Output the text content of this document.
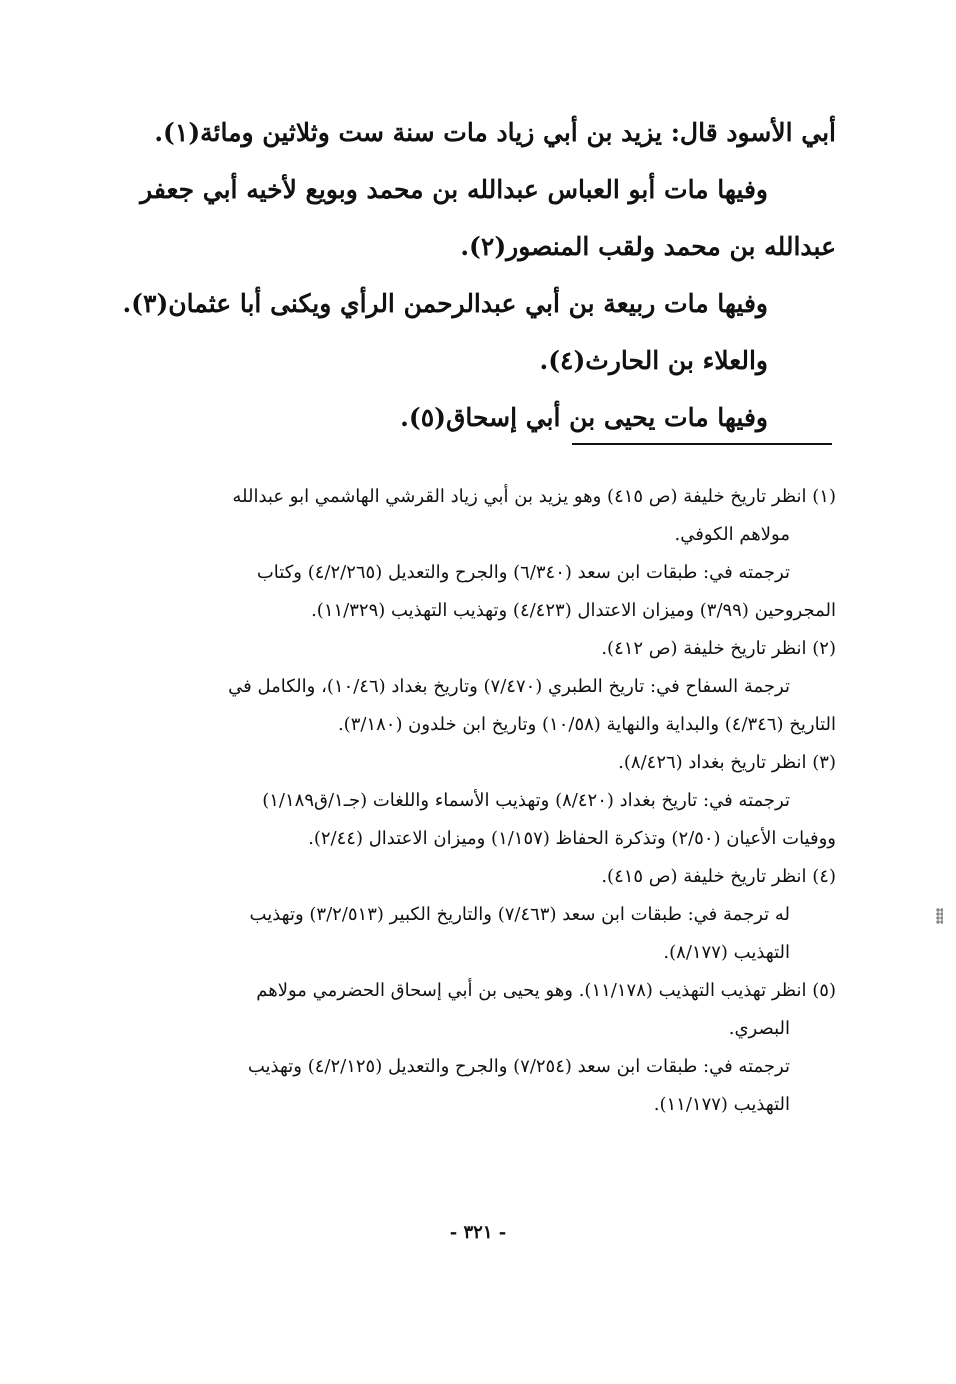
أبي الأسود قال: يزيد بن أبي زياد مات سنة ست وثلاثين ومائة(١).

وفيها مات أبو العباس عبدالله بن محمد وبويع لأخيه أبي جعفر

عبدالله بن محمد ولقب المنصور(٢).

وفيها مات ربيعة بن أبي عبدالرحمن الرأي ويكنى أبا عثمان(٣).

والعلاء بن الحارث(٤).

وفيها مات يحيى بن أبي إسحاق(٥).

(١) انظر تاريخ خليفة (ص ٤١٥) وهو يزيد بن أبي زياد القرشي الهاشمي ابو عبدالله

مولاهم الكوفي.

ترجمته في: طبقات ابن سعد (٦/٣٤٠) والجرح والتعديل (٤/٢/٢٦٥) وكتاب

المجروحين (٣/٩٩) وميزان الاعتدال (٤/٤٢٣) وتهذيب التهذيب (١١/٣٢٩).

(٢) انظر تاريخ خليفة (ص ٤١٢).

ترجمة السفاح في: تاريخ الطبري (٧/٤٧٠) وتاريخ بغداد (١٠/٤٦)، والكامل في

التاريخ (٤/٣٤٦) والبداية والنهاية (١٠/٥٨) وتاريخ ابن خلدون (٣/١٨٠).

(٣) انظر تاريخ بغداد (٨/٤٢٦).

ترجمته في: تاريخ بغداد (٨/٤٢٠) وتهذيب الأسماء واللغات (جـ١/ق١/١٨٩)

ووفيات الأعيان (٢/٥٠) وتذكرة الحفاظ (١/١٥٧) وميزان الاعتدال (٢/٤٤).

(٤) انظر تاريخ خليفة (ص ٤١٥).

له ترجمة في: طبقات ابن سعد (٧/٤٦٣) والتاريخ الكبير (٣/٢/٥١٣) وتهذيب

التهذيب (٨/١٧٧).

(٥) انظر تهذيب التهذيب (١١/١٧٨). وهو يحيى بن أبي إسحاق الحضرمي مولاهم

البصري.

ترجمته في: طبقات ابن سعد (٧/٢٥٤) والجرح والتعديل (٤/٢/١٢٥) وتهذيب

التهذيب (١١/١٧٧).

- ٣٢١ -
